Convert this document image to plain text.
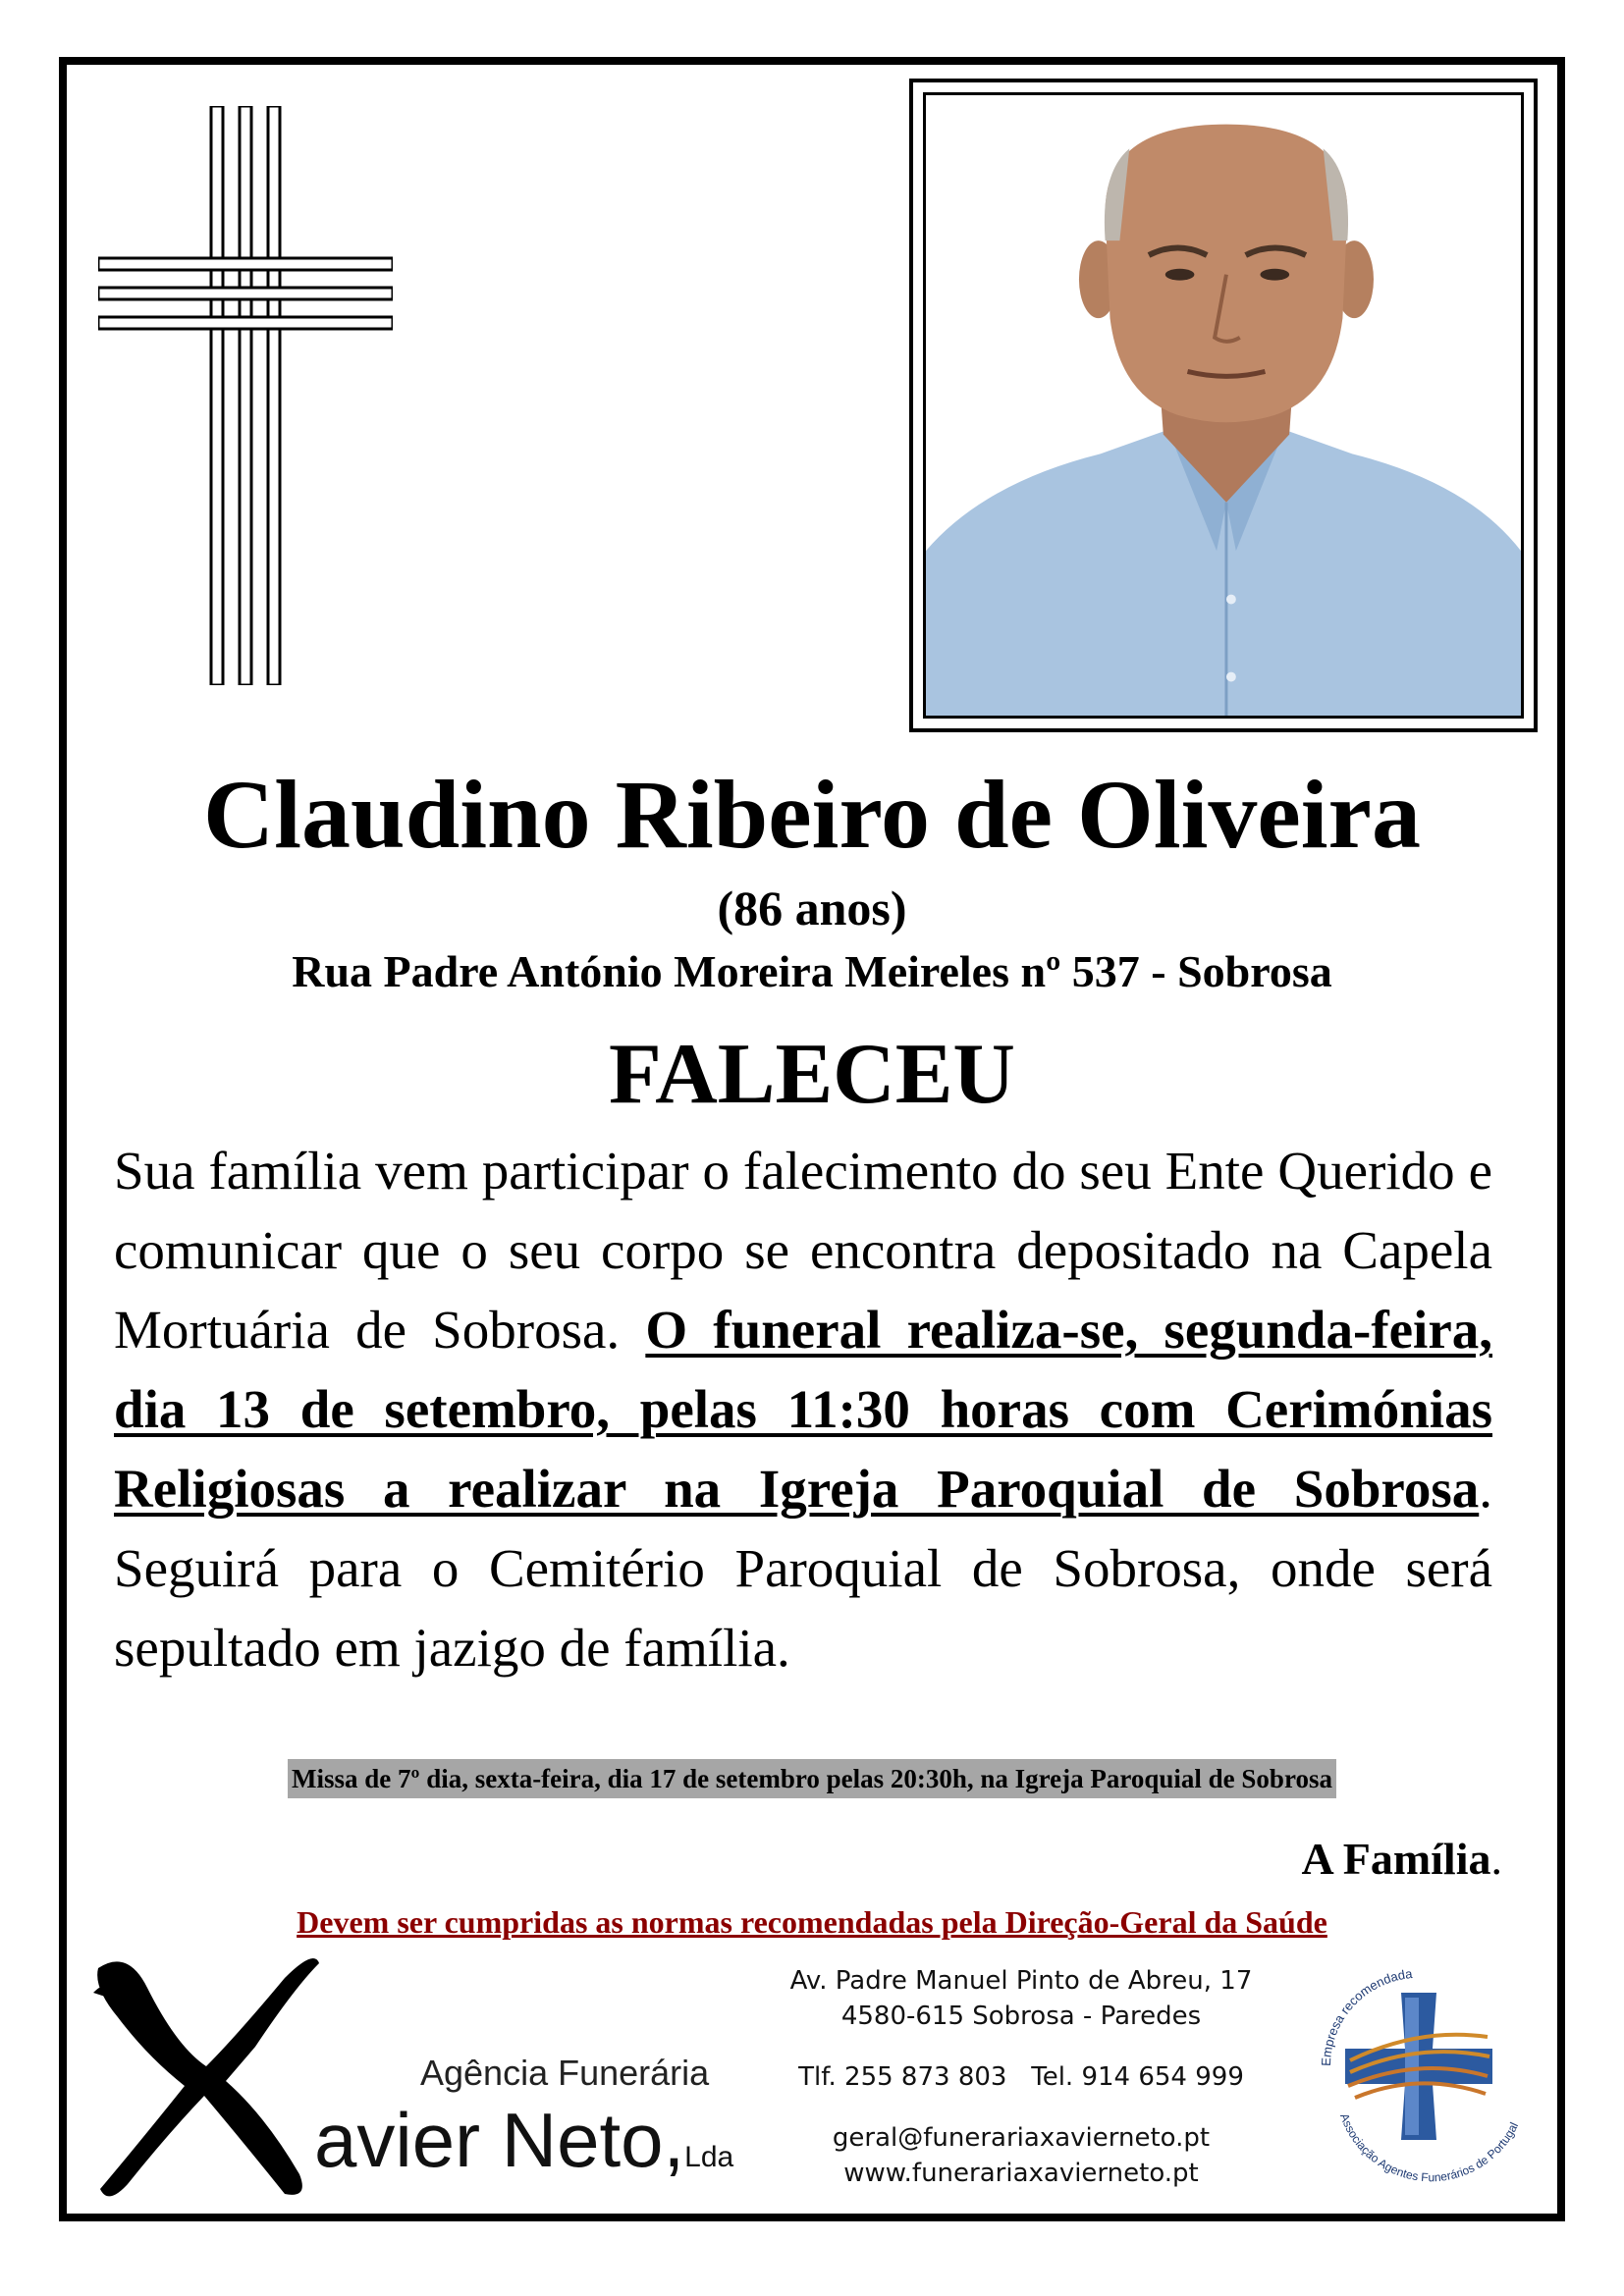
Claudino Ribeiro de Oliveira
(86 anos)
Rua Padre António Moreira Meireles nº 537 - Sobrosa
FALECEU
Sua família vem participar o falecimento do seu Ente Querido e comunicar que o seu corpo se encontra depositado na Capela Mortuária de Sobrosa. O funeral realiza-se, segunda-feira, dia 13 de setembro, pelas 11:30 horas com Cerimónias Religiosas a realizar na Igreja Paroquial de Sobrosa. Seguirá para o Cemitério Paroquial de Sobrosa, onde será sepultado em jazigo de família.
Missa de 7º dia, sexta-feira, dia 17 de setembro pelas 20:30h, na Igreja Paroquial de Sobrosa
A Família.
Devem ser cumpridas as normas recomendadas pela Direção-Geral da Saúde
Agência Funerária
avier Neto,Lda
Av. Padre Manuel Pinto de Abreu, 17
4580-615 Sobrosa - Paredes
Tlf. 255 873 803   Tel. 914 654 999
geral@funerariaxavierneto.pt
www.funerariaxavierneto.pt
Empresa recomendada
Associação Agentes Funerários de Portugal
